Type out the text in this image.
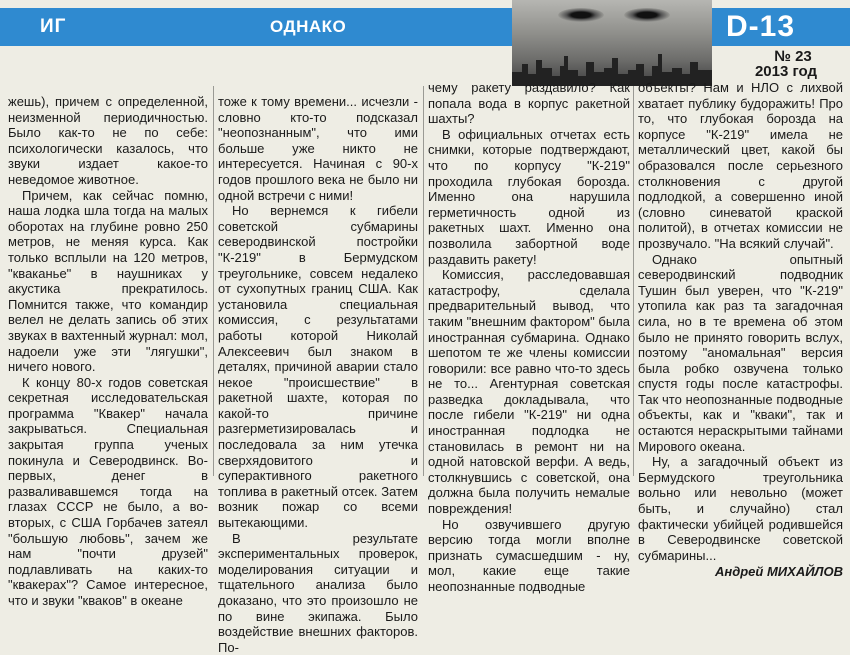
ИГ	ОДНАКО	D-13
№ 23
2013 год

жешь), причем с определенной, неизменной периодичностью. Было как-то не по себе: психологически казалось, что звуки издает какое-то неведомое животное.

Причем, как сейчас помню, наша лодка шла тогда на малых оборотах на глубине ровно 250 метров, не меняя курса. Как только всплыли на 120 метров, "кваканье" в наушниках у акустика прекратилось. Помнится также, что командир велел не делать запись об этих звуках в вахтенный журнал: мол, надоели уже эти "лягушки", ничего нового.

К концу 80-х годов советская секретная исследовательская программа "Квакер" начала закрываться. Специальная закрытая группа ученых покинула и Северодвинск. Во-первых, денег в разваливавшемся тогда на глазах СССР не было, а во-вторых, с США Горбачев затеял "большую любовь", зачем же нам "почти друзей" подлавливать на каких-то "квакерах"? Самое интересное, что и звуки "кваков" в океане

тоже к тому времени... исчезли - словно кто-то подсказал "неопознанным", что ими больше уже никто не интересуется. Начиная с 90-х годов прошлого века не было ни одной встречи с ними!

Но вернемся к гибели советской субмарины северодвинской постройки "К-219" в Бермудском треугольнике, совсем недалеко от сухопутных границ США. Как установила специальная комиссия, с результатами работы которой Николай Алексеевич был знаком в деталях, причиной аварии стало некое "происшествие" в ракетной шахте, которая по какой-то причине разгерметизировалась и последовала за ним утечка сверхядовитого и суперактивного ракетного топлива в ракетный отсек. Затем возник пожар со всеми вытекающими.

В результате экспериментальных проверок, моделирования ситуации и тщательного анализа было доказано, что это произошло не по вине экипажа. Было воздействие внешних факторов. По-

чему ракету раздавило? Как попала вода в корпус ракетной шахты?

В официальных отчетах есть снимки, которые подтверждают, что по корпусу "К-219" проходила глубокая борозда. Именно она нарушила герметичность одной из ракетных шахт. Именно она позволила забортной воде раздавить ракету!

Комиссия, расследовавшая катастрофу, сделала предварительный вывод, что таким "внешним фактором" была иностранная субмарина. Однако шепотом те же члены комиссии говорили: все равно что-то здесь не то... Агентурная советская разведка докладывала, что после гибели "К-219" ни одна иностранная подлодка не становилась в ремонт ни на одной натовской верфи. А ведь, столкнувшись с советской, она должна была получить немалые повреждения!

Но озвучившего другую версию тогда могли вполне признать сумасшедшим - ну, мол, какие еще такие неопознанные подводные

объекты? Нам и НЛО с лихвой хватает публику будоражить! Про то, что глубокая борозда на корпусе "К-219" имела не металлический цвет, какой бы образовался после серьезного столкновения с другой подлодкой, а совершенно иной (словно синеватой краской политой), в отчетах комиссии не прозвучало. "На всякий случай".

Однако опытный северодвинский подводник Тушин был уверен, что "К-219" утопила как раз та загадочная сила, но в те времена об этом было не принято говорить вслух, поэтому "аномальная" версия была робко озвучена только спустя годы после катастрофы. Так что неопознанные подводные объекты, как и "кваки", так и остаются нераскрытыми тайнами Мирового океана.

Ну, а загадочный объект из Бермудского треугольника вольно или невольно (может быть, и случайно) стал фактически убийцей родившейся в Северодвинске советской субмарины...

Андрей МИХАЙЛОВ
